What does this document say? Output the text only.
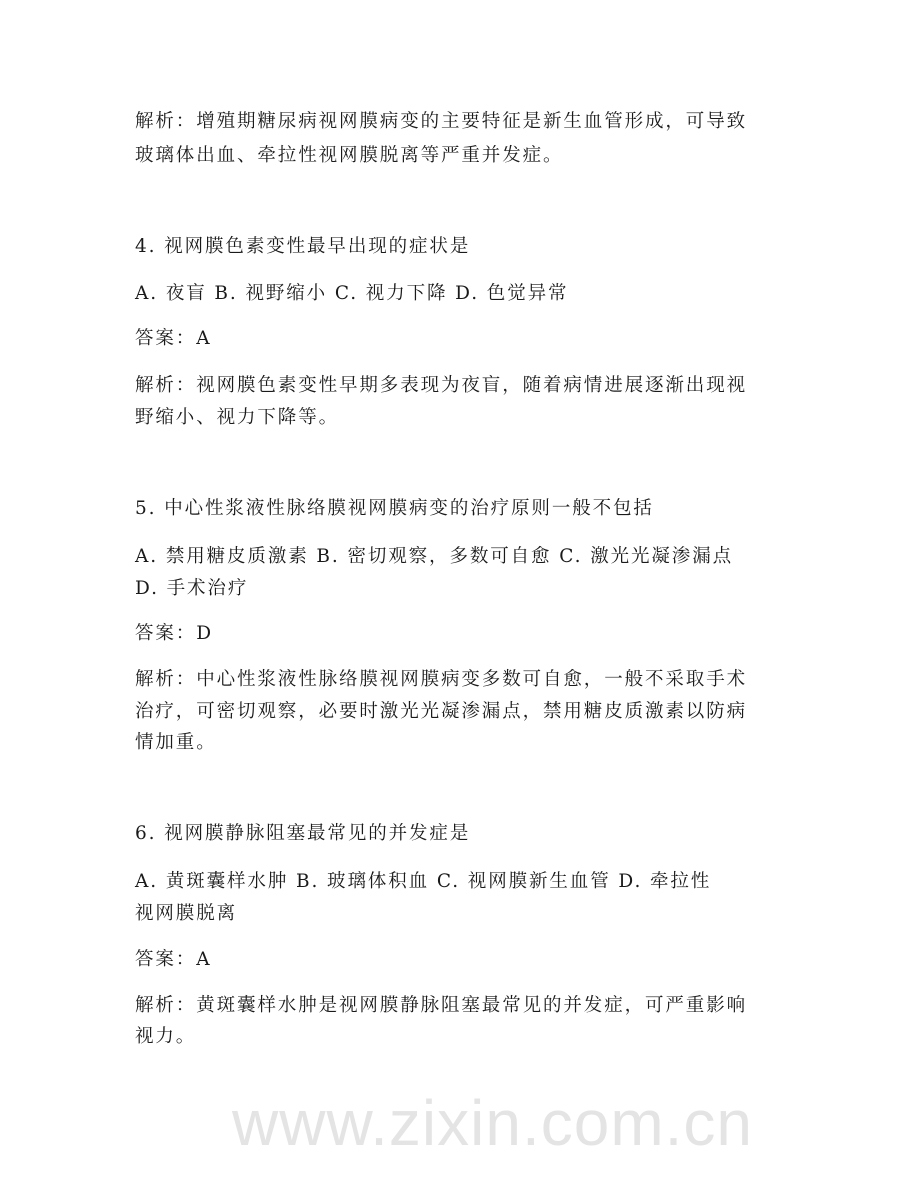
www.zixin.com.cn
解析：增殖期糖尿病视网膜病变的主要特征是新生血管形成，可导致
玻璃体出血、牵拉性视网膜脱离等严重并发症。
4. 视网膜色素变性最早出现的症状是
A. 夜盲 B. 视野缩小 C. 视力下降 D. 色觉异常
答案：A
解析：视网膜色素变性早期多表现为夜盲，随着病情进展逐渐出现视
野缩小、视力下降等。
5. 中心性浆液性脉络膜视网膜病变的治疗原则一般不包括
A. 禁用糖皮质激素 B. 密切观察，多数可自愈 C. 激光光凝渗漏点
D. 手术治疗
答案：D
解析：中心性浆液性脉络膜视网膜病变多数可自愈，一般不采取手术
治疗，可密切观察，必要时激光光凝渗漏点，禁用糖皮质激素以防病
情加重。
6. 视网膜静脉阻塞最常见的并发症是
A. 黄斑囊样水肿 B. 玻璃体积血 C. 视网膜新生血管 D. 牵拉性
视网膜脱离
答案：A
解析：黄斑囊样水肿是视网膜静脉阻塞最常见的并发症，可严重影响
视力。
